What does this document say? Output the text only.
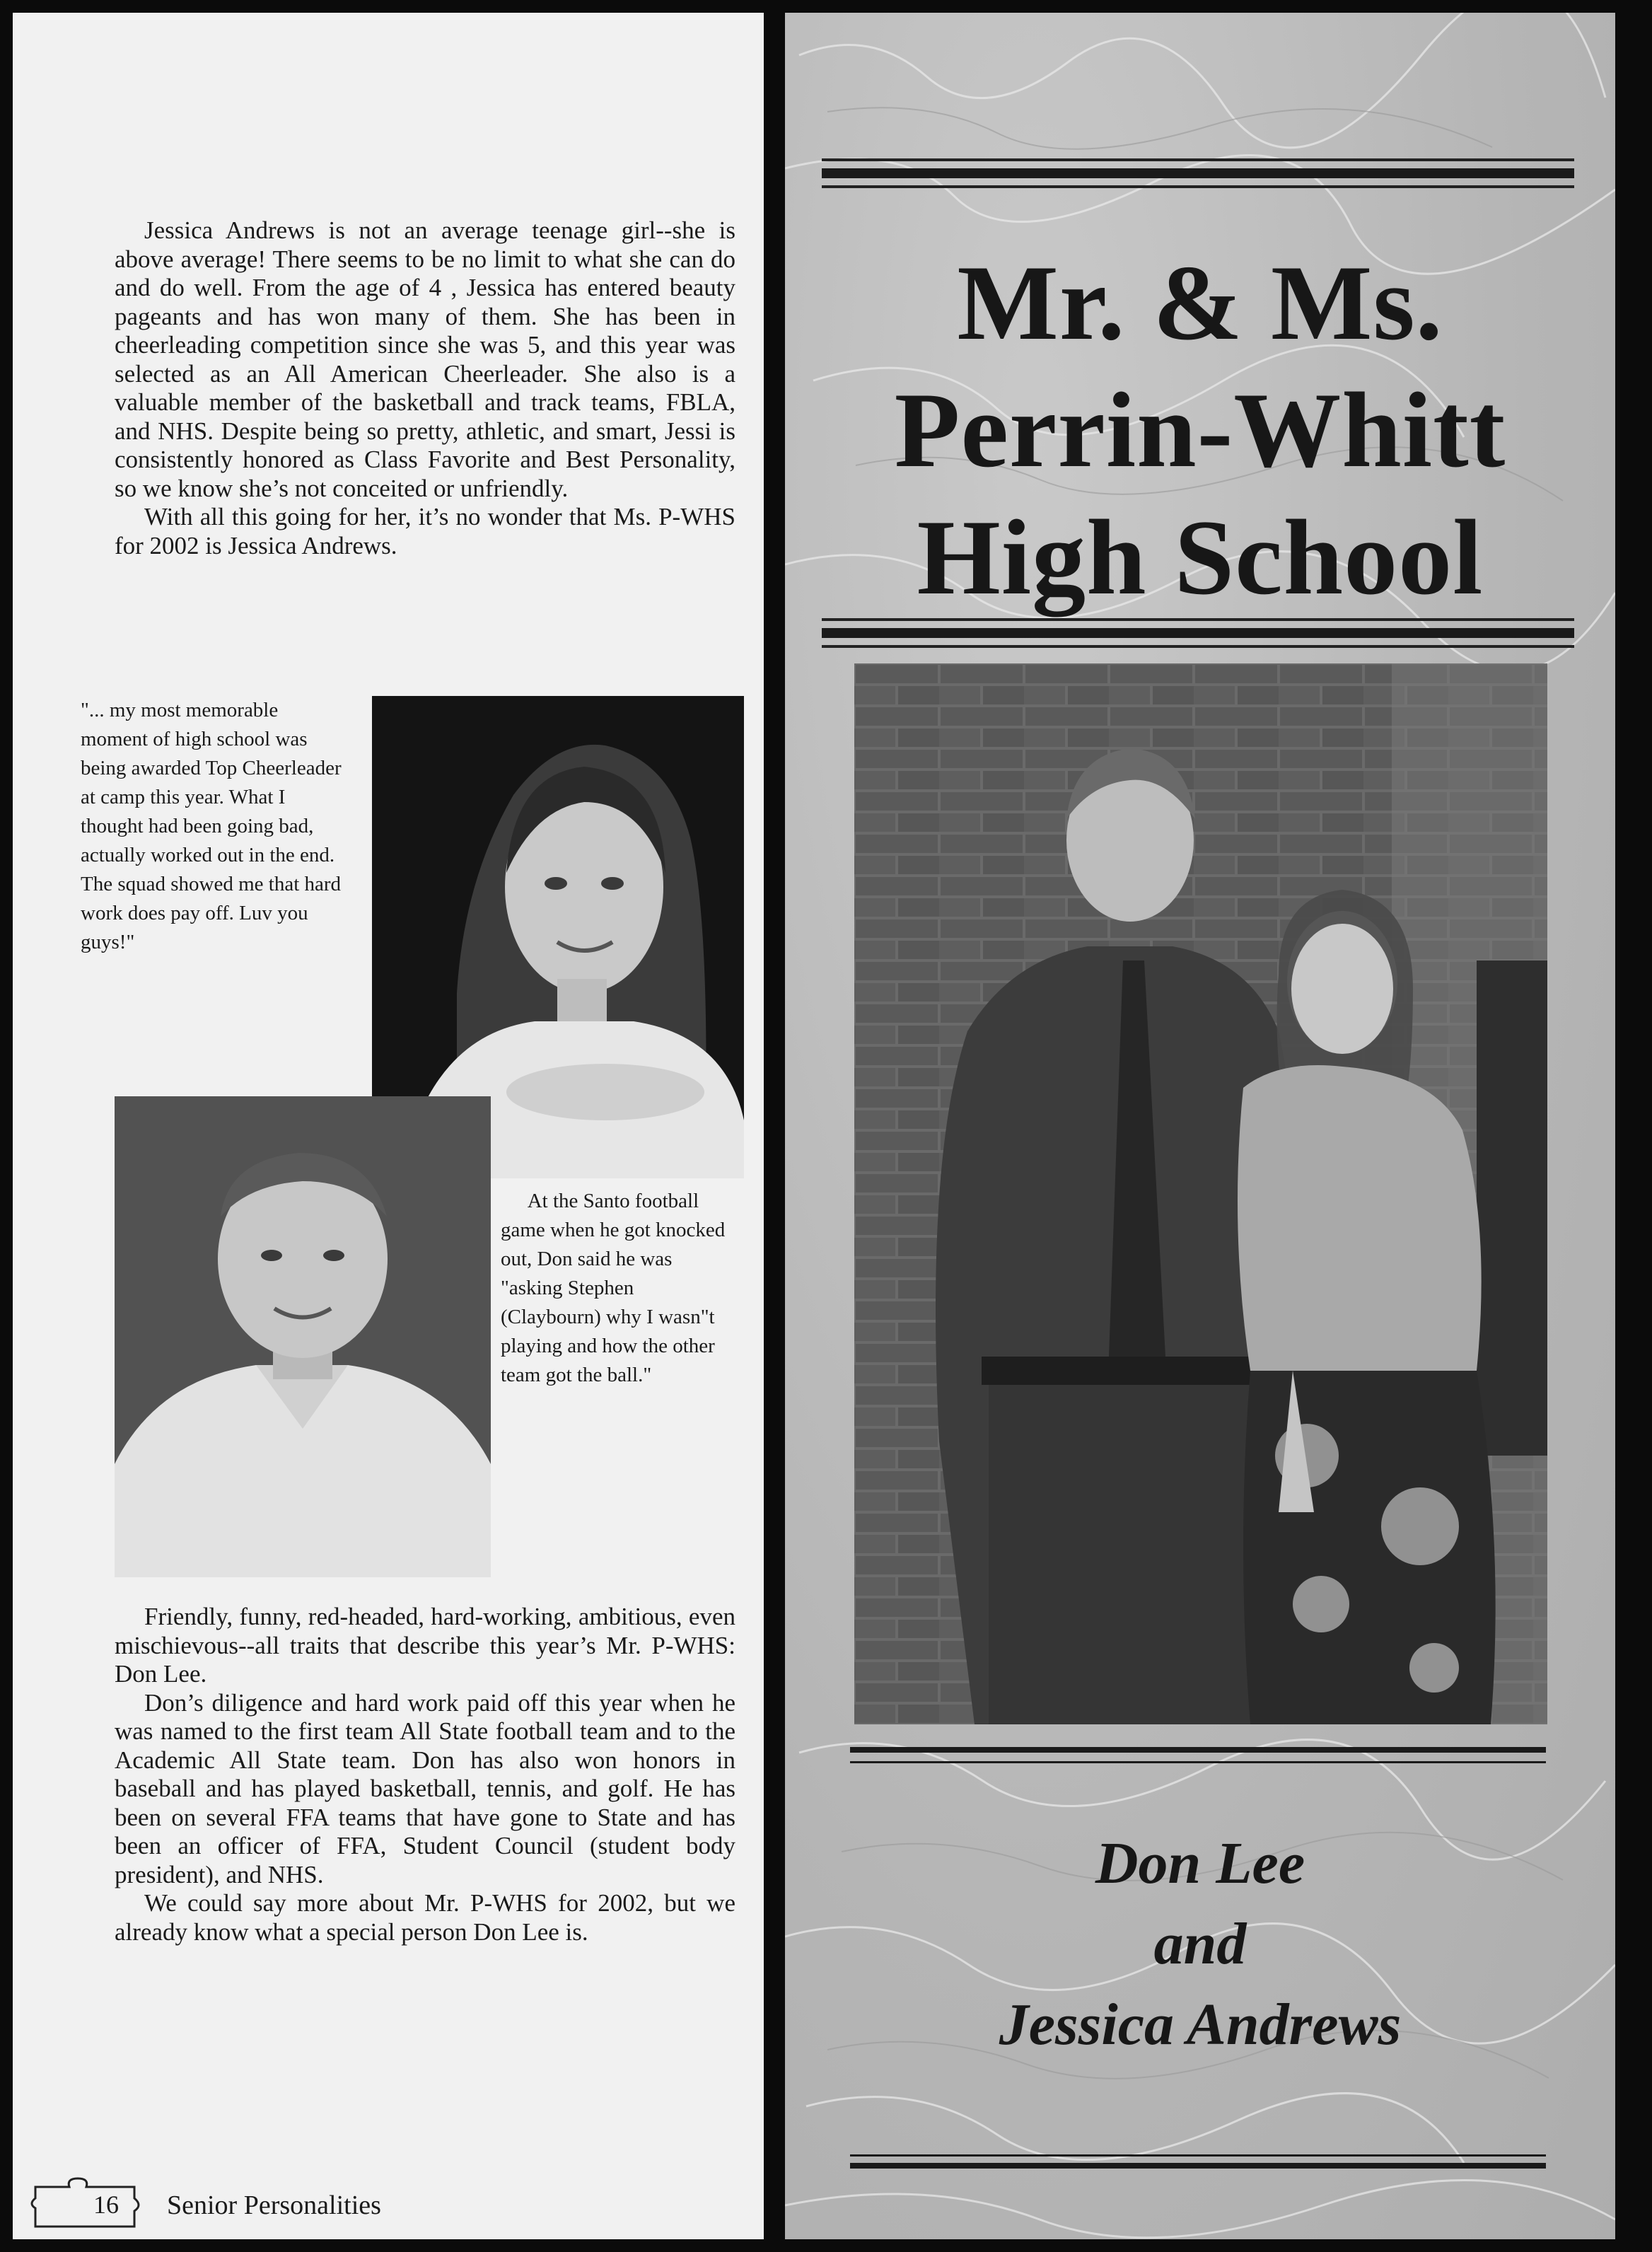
Jessica Andrews is not an average teenage girl--she is above average! There seems to be no limit to what she can do and do well. From the age of 4 , Jessica has entered beauty pageants and has won many of them. She has been in cheerleading competition since she was 5, and this year was selected as an All American Cheerleader. She also is a valuable member of the basketball and track teams, FBLA, and NHS. Despite being so pretty, athletic, and smart, Jessi is consistently honored as Class Favorite and Best Personality, so we know she’s not conceited or unfriendly.

With all this going for her, it’s no wonder that Ms. P-WHS for 2002 is Jessica Andrews.

"... my most memorable moment of high school was being awarded Top Cheerleader at camp this year. What I thought had been going bad, actually worked out in the end. The squad showed me that hard work does pay off. Luv you guys!"

At the Santo football game when he got knocked out, Don said he was "asking Stephen (Claybourn) why I wasn"t playing and how the other team got the ball."

Friendly, funny, red-headed, hard-working, ambitious, even mischievous--all traits that describe this year’s Mr. P-WHS: Don Lee.

Don’s diligence and hard work paid off this year when he was named to the first team All State football team and to the Academic All State team. Don has also won honors in baseball and has played basketball, tennis, and golf. He has been on several FFA teams that have gone to State and has been an officer of FFA, Student Council (student body president), and NHS.

We could say more about Mr. P-WHS for 2002, but we already know what a special person Don Lee is.

16 Senior Personalities
Mr. & Ms.
Perrin-Whitt
High School
Don Lee
and
Jessica Andrews
